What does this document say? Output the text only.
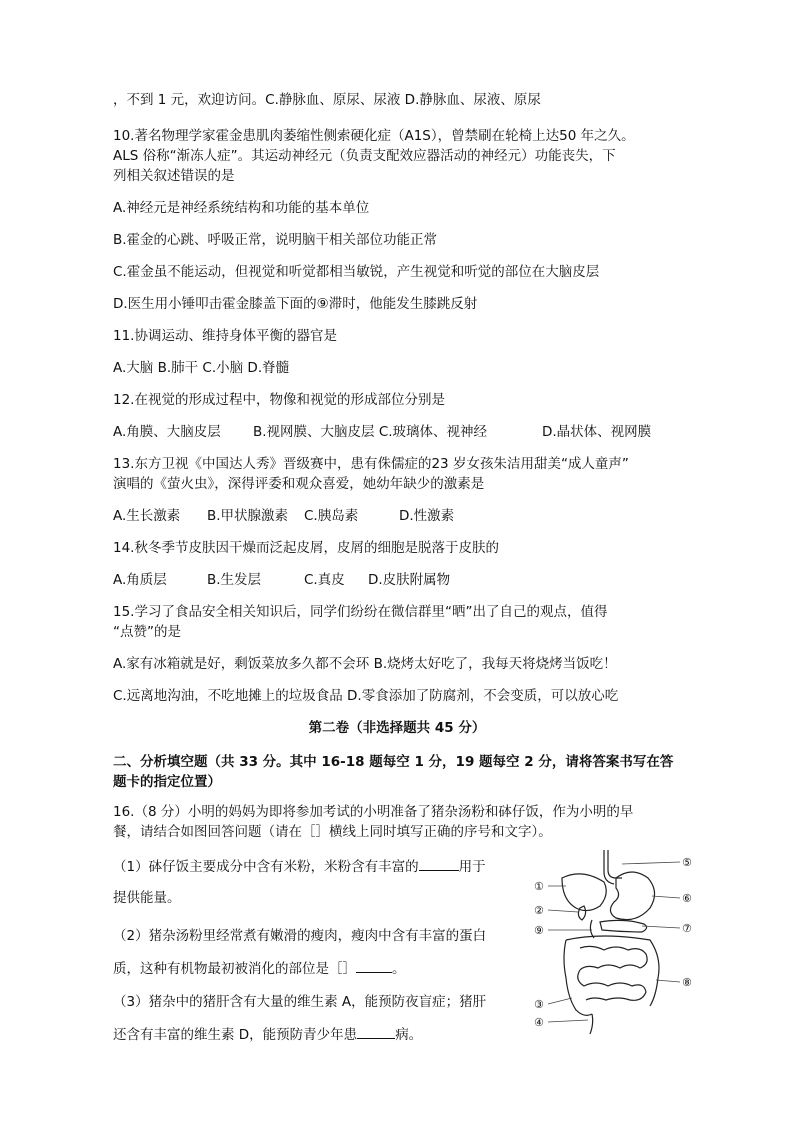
，不到 1 元，欢迎访问。C.静脉血、原尿、尿液 D.静脉血、尿液、原尿
10.著名物理学家霍金患肌肉萎缩性侧索硬化症（A1S），曾禁刷在轮椅上达50 年之久。
ALS 俗称“渐冻人症”。其运动神经元（负责支配效应器活动的神经元）功能丧失，下
列相关叙述错误的是
A.神经元是神经系统结构和功能的基本单位
B.霍金的心跳、呼吸正常，说明脑干相关部位功能正常
C.霍金虽不能运动，但视觉和听觉都相当敏锐，产生视觉和听觉的部位在大脑皮层
D.医生用小锤叩击霍金膝盖下面的⑨滞时，他能发生膝跳反射
11.协调运动、维持身体平衡的器官是
A.大脑 B.肺干 C.小脑 D.脊髓
12.在视觉的形成过程中，物像和视觉的形成部位分别是
A.角膜、大脑皮层 B.视网膜、大脑皮层 C.玻璃体、视神经	D.晶状体、视网膜
13.东方卫视《中国达人秀》晋级赛中，患有侏儒症的23 岁女孩朱洁用甜美“成人童声”
演唱的《萤火虫》，深得评委和观众喜爱，她幼年缺少的激素是
A.生长激素 B.甲状腺激素 C.胰岛素	D.性激素
14.秋冬季节皮肤因干燥而泛起皮屑，皮屑的细胞是脱落于皮肤的
A.角质层	B.生发层	C.真皮 D.皮肤附属物
15.学习了食品安全相关知识后，同学们纷纷在微信群里“晒”出了自己的观点，值得
“点赞”的是
A.家有冰箱就是好，剩饭菜放多久都不会环 B.烧烤太好吃了，我每天将烧烤当饭吃！
C.远离地沟油，不吃地摊上的垃圾食品 D.零食添加了防腐剂，不会变质，可以放心吃
第二卷（非选择题共 45 分）
二、分析填空题（共 33 分。其中 16-18 题每空 1 分，19 题每空 2 分，请将答案书写在答
题卡的指定位置）
16.（8 分）小明的妈妈为即将参加考试的小明准备了猪杂汤粉和砵仔饭，作为小明的早
餐，请结合如图回答问题（请在［］横线上同时填写正确的序号和文字）。
（1）砵仔饭主要成分中含有米粉，米粉含有丰富的	用于
提供能量。
（2）猪杂汤粉里经常煮有嫩滑的瘦肉，瘦肉中含有丰富的蛋白
质，这种有机物最初被消化的部位是［］	。
（3）猪杂中的猪肝含有大量的维生素 A，能预防夜盲症；猪肝
还含有丰富的维生素 D，能预防青少年患	病。
①
②
⑨
③
④
⑤
⑥
⑦
⑧
